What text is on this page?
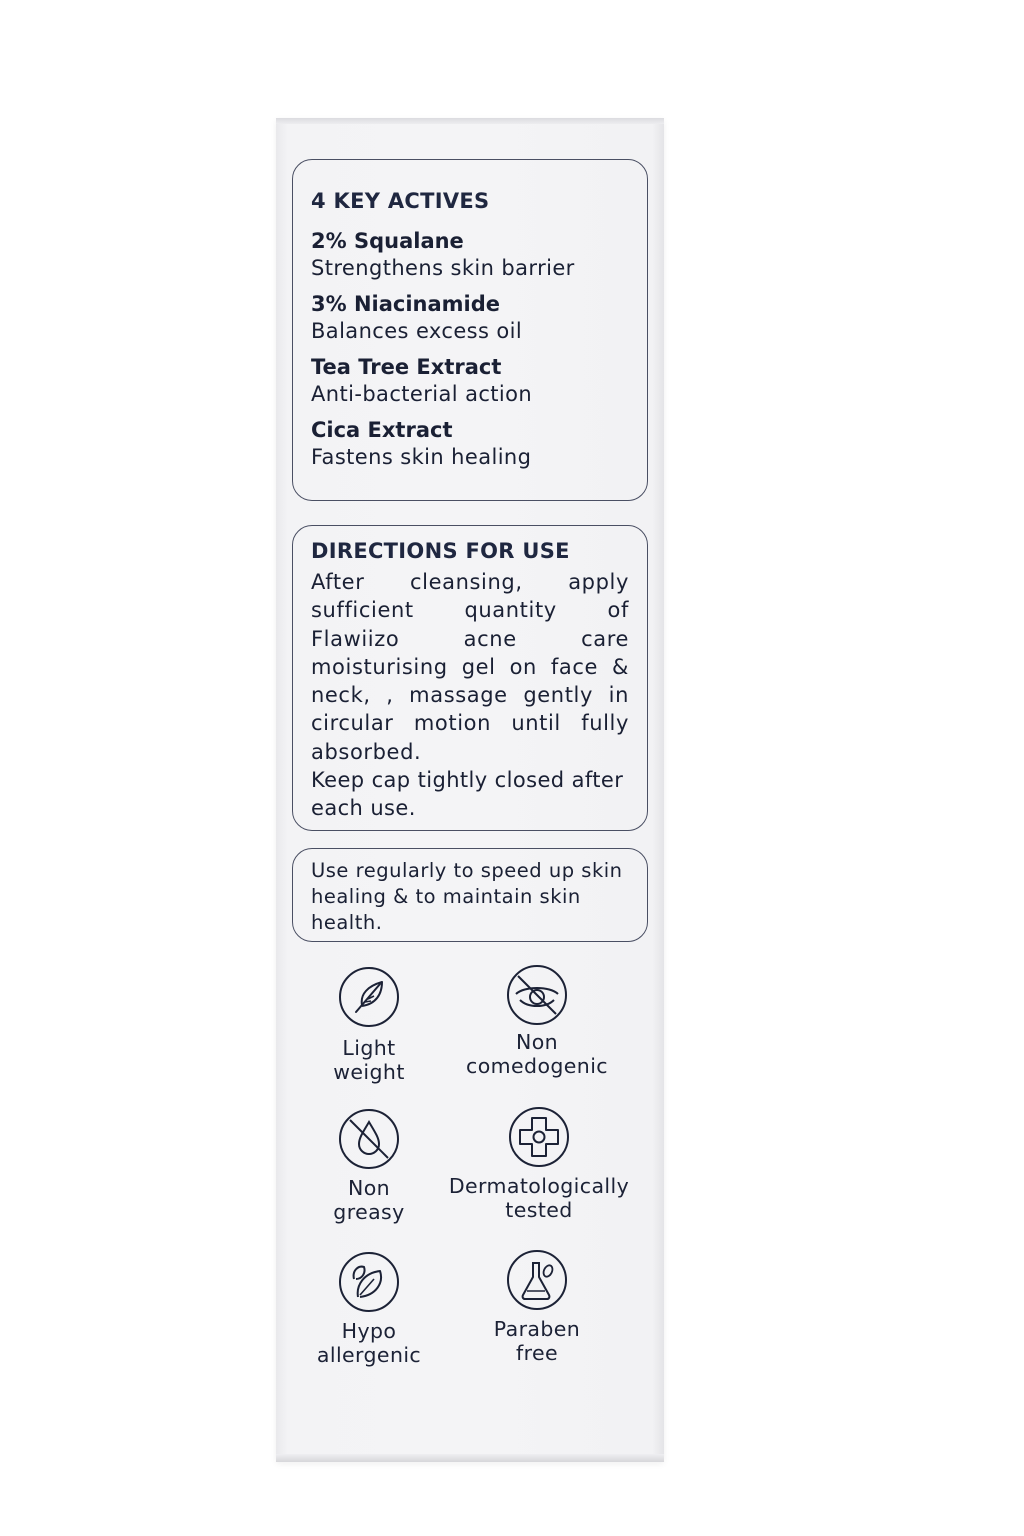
4 KEY ACTIVES
2% Squalane
Strengthens skin barrier
3% Niacinamide
Balances excess oil
Tea Tree Extract
Anti-bacterial action
Cica Extract
Fastens skin healing
DIRECTIONS FOR USE
After cleansing, apply sufficient quantity of Flawiizo acne care moisturising gel on face & neck, , massage gently in circular motion until fully absorbed.
Keep cap tightly closed after each use.
Use regularly to speed up skin healing & to maintain skin health.
Light
weight
Non
comedogenic
Non
greasy
Dermatologically
tested
Hypo
allergenic
Paraben
free
